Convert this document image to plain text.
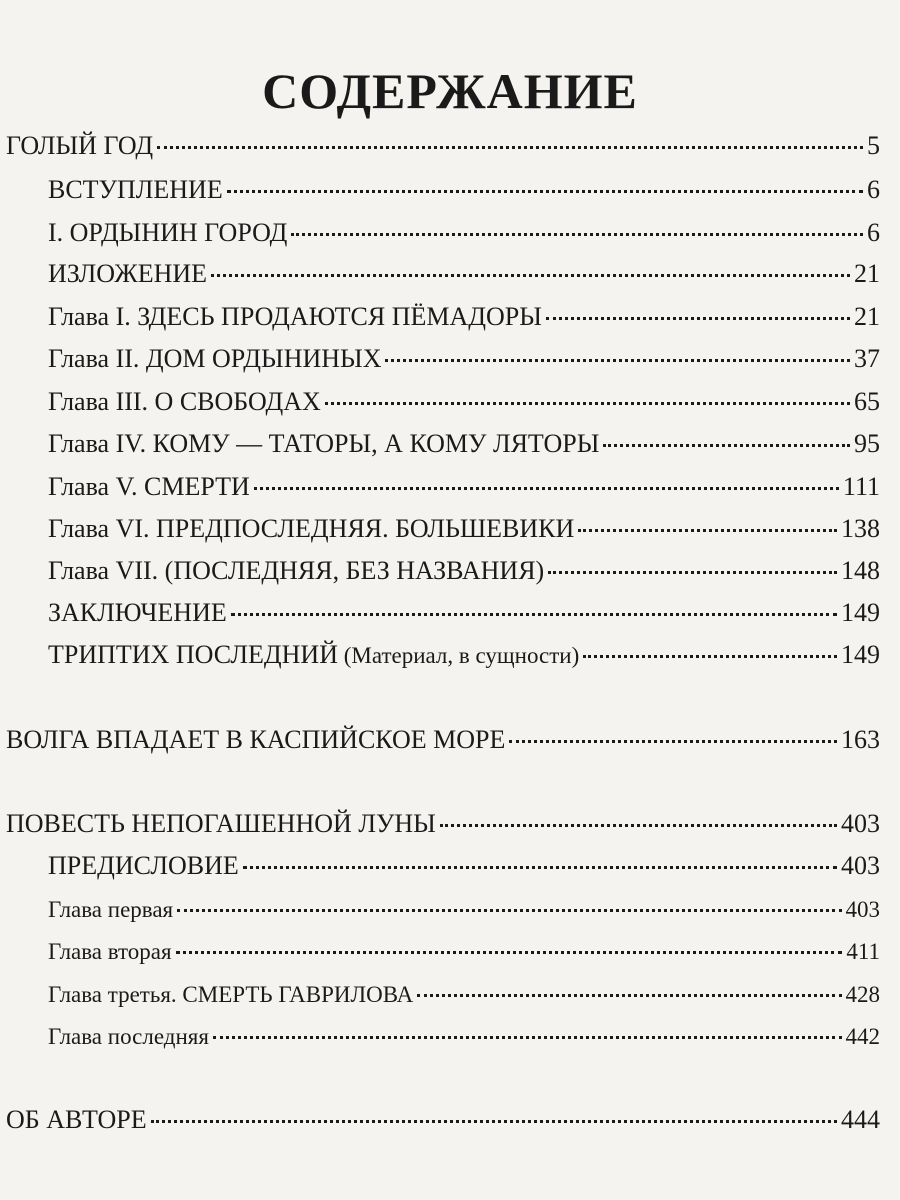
СОДЕРЖАНИЕ
ГОЛЫЙ ГОД	5
ВСТУПЛЕНИЕ	6
I. ОРДЫНИН ГОРОД	6
ИЗЛОЖЕНИЕ	21
Глава I. ЗДЕСЬ ПРОДАЮТСЯ ПЁМАДОРЫ	21
Глава II. ДОМ ОРДЫНИНЫХ	37
Глава III. О СВОБОДАХ	65
Глава IV. КОМУ — ТАТОРЫ, А КОМУ ЛЯТОРЫ	95
Глава V. СМЕРТИ	111
Глава VI. ПРЕДПОСЛЕДНЯЯ. БОЛЬШЕВИКИ	138
Глава VII. (ПОСЛЕДНЯЯ, БЕЗ НАЗВАНИЯ)	148
ЗАКЛЮЧЕНИЕ	149
ТРИПТИХ ПОСЛЕДНИЙ (Материал, в сущности)	149
ВОЛГА ВПАДАЕТ В КАСПИЙСКОЕ МОРЕ	163
ПОВЕСТЬ НЕПОГАШЕННОЙ ЛУНЫ	403
ПРЕДИСЛОВИЕ	403
Глава первая	403
Глава вторая	411
Глава третья. СМЕРТЬ ГАВРИЛОВА	428
Глава последняя	442
ОБ АВТОРЕ	444
